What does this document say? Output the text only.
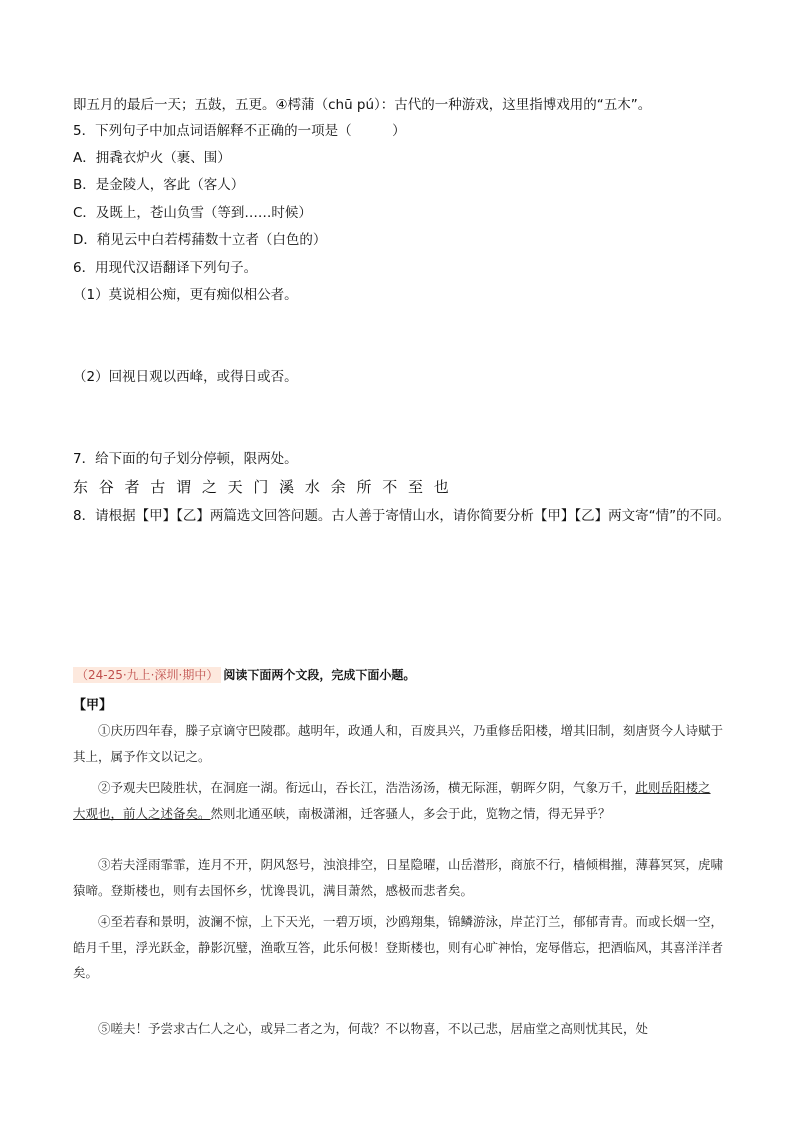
即五月的最后一天；五鼓，五更。④樗蒲（chū pú）：古代的一种游戏，这里指博戏用的“五木”。
5．下列句子中加点词语解释不正确的一项是（　　　）
A．拥毳衣炉火（裹、围）
B．是金陵人，客此（客人）
C．及既上，苍山负雪（等到……时候）
D．稍见云中白若樗蒱数十立者（白色的）
6．用现代汉语翻译下列句子。
（1）莫说相公痴，更有痴似相公者。
（2）回视日观以西峰，或得日或否。
7．给下面的句子划分停顿，限两处。
东 谷 者 古 谓 之 天 门 溪 水 余 所 不 至 也
8．请根据【甲】【乙】两篇选文回答问题。古人善于寄情山水，请你简要分析【甲】【乙】两文寄“情”的不同。
（24-25·九上·深圳·期中） 阅读下面两个文段，完成下面小题。
【甲】
①庆历四年春，滕子京谪守巴陵郡。越明年，政通人和，百废具兴，乃重修岳阳楼，增其旧制，刻唐贤今人诗赋于其上，属予作文以记之。
②予观夫巴陵胜状，在洞庭一湖。衔远山，吞长江，浩浩汤汤，横无际涯，朝晖夕阴，气象万千，此则岳阳楼之大观也，前人之述备矣。然则北通巫峡，南极潇湘，迁客骚人，多会于此，览物之情，得无异乎？
③若夫淫雨霏霏，连月不开，阴风怒号，浊浪排空，日星隐曜，山岳潜形，商旅不行，樯倾楫摧，薄暮冥冥，虎啸猿啼。登斯楼也，则有去国怀乡，忧谗畏讥，满目萧然，感极而悲者矣。
④至若春和景明，波澜不惊，上下天光，一碧万顷，沙鸥翔集，锦鳞游泳，岸芷汀兰，郁郁青青。而或长烟一空，皓月千里，浮光跃金，静影沉璧，渔歌互答，此乐何极！登斯楼也，则有心旷神怡，宠辱偕忘，把酒临风，其喜洋洋者矣。
⑤嗟夫！予尝求古仁人之心，或异二者之为，何哉？不以物喜，不以己悲，居庙堂之高则忧其民，处
